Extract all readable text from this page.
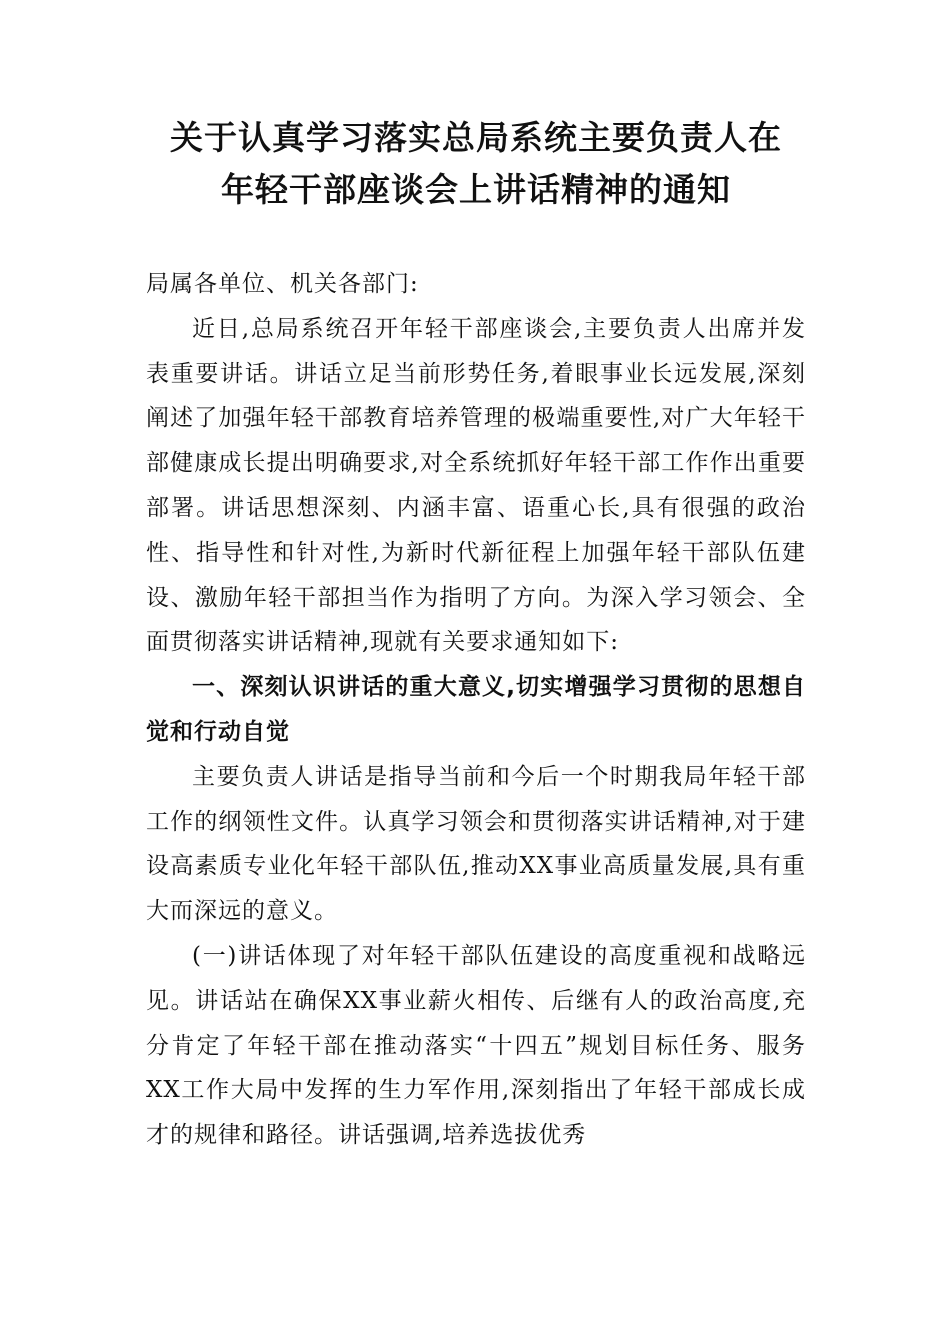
关于认真学习落实总局系统主要负责人在
年轻干部座谈会上讲话精神的通知

局属各单位、机关各部门:

近日,总局系统召开年轻干部座谈会,主要负责人出席并发表重要讲话。讲话立足当前形势任务,着眼事业长远发展,深刻阐述了加强年轻干部教育培养管理的极端重要性,对广大年轻干部健康成长提出明确要求,对全系统抓好年轻干部工作作出重要部署。讲话思想深刻、内涵丰富、语重心长,具有很强的政治性、指导性和针对性,为新时代新征程上加强年轻干部队伍建设、激励年轻干部担当作为指明了方向。为深入学习领会、全面贯彻落实讲话精神,现就有关要求通知如下:

一、深刻认识讲话的重大意义,切实增强学习贯彻的思想自觉和行动自觉

主要负责人讲话是指导当前和今后一个时期我局年轻干部工作的纲领性文件。认真学习领会和贯彻落实讲话精神,对于建设高素质专业化年轻干部队伍,推动XX事业高质量发展,具有重大而深远的意义。

(一)讲话体现了对年轻干部队伍建设的高度重视和战略远见。讲话站在确保XX事业薪火相传、后继有人的政治高度,充分肯定了年轻干部在推动落实“十四五”规划目标任务、服务XX工作大局中发挥的生力军作用,深刻指出了年轻干部成长成才的规律和路径。讲话强调,培养选拔优秀
